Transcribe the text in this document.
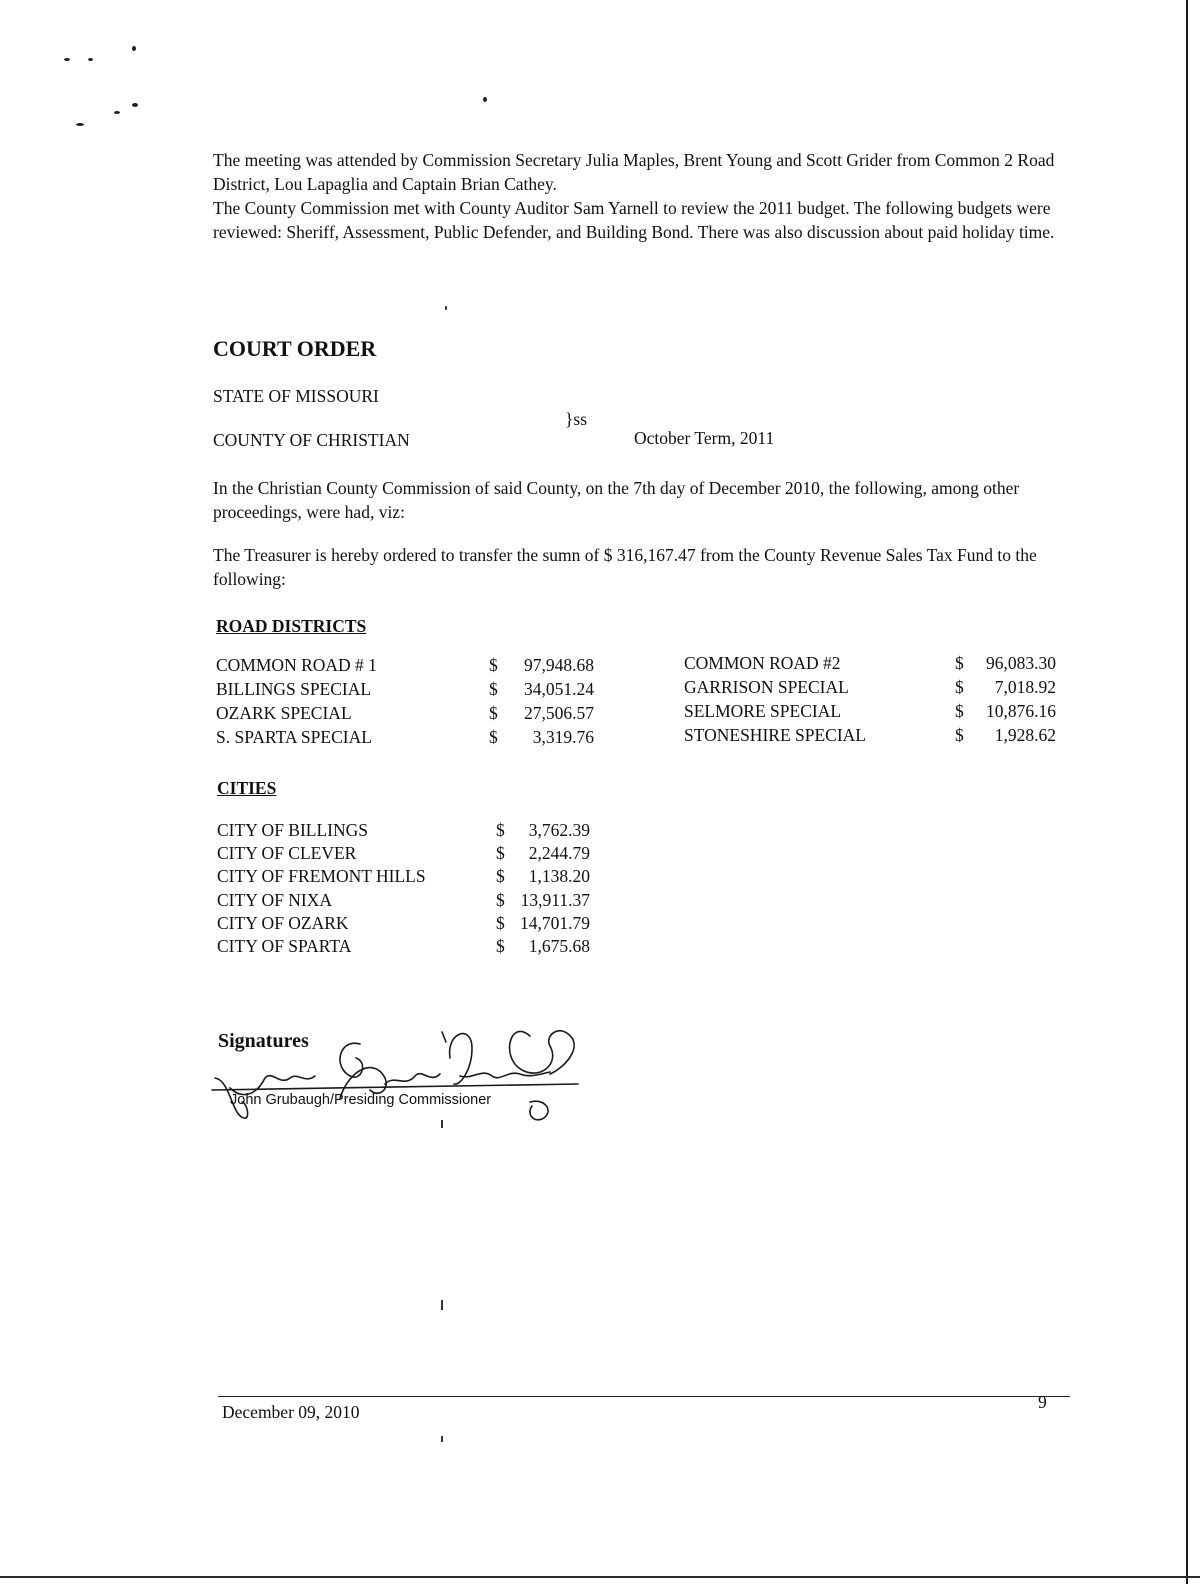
The meeting was attended by Commission Secretary Julia Maples, Brent Young and Scott Grider from Common 2 Road District, Lou Lapaglia and Captain Brian Cathey.

The County Commission met with County Auditor Sam Yarnell to review the 2011 budget. The following budgets were reviewed: Sheriff, Assessment, Public Defender, and Building Bond. There was also discussion about paid holiday time.

COURT ORDER
STATE OF MISSOURI
}ss
COUNTY OF CHRISTIAN	October Term, 2011

In the Christian County Commission of said County, on the 7th day of December 2010, the following, among other proceedings, were had, viz:

The Treasurer is hereby ordered to transfer the sumn of $ 316,167.47 from the County Revenue Sales Tax Fund to the following:

ROAD DISTRICTS
COMMON ROAD # 1	$ 97,948.68
BILLINGS SPECIAL	$ 34,051.24
OZARK SPECIAL	$ 27,506.57
S. SPARTA SPECIAL	$ 3,319.76
COMMON ROAD #2	$ 96,083.30
GARRISON SPECIAL	$ 7,018.92
SELMORE SPECIAL	$ 10,876.16
STONESHIRE SPECIAL	$ 1,928.62
CITIES
CITY OF BILLINGS	$ 3,762.39
CITY OF CLEVER	$ 2,244.79
CITY OF FREMONT HILLS	$ 1,138.20
CITY OF NIXA	$ 13,911.37
CITY OF OZARK	$ 14,701.79
CITY OF SPARTA	$ 1,675.68
Signatures
John Grubaugh/Presiding Commissioner
December 09, 2010	9
